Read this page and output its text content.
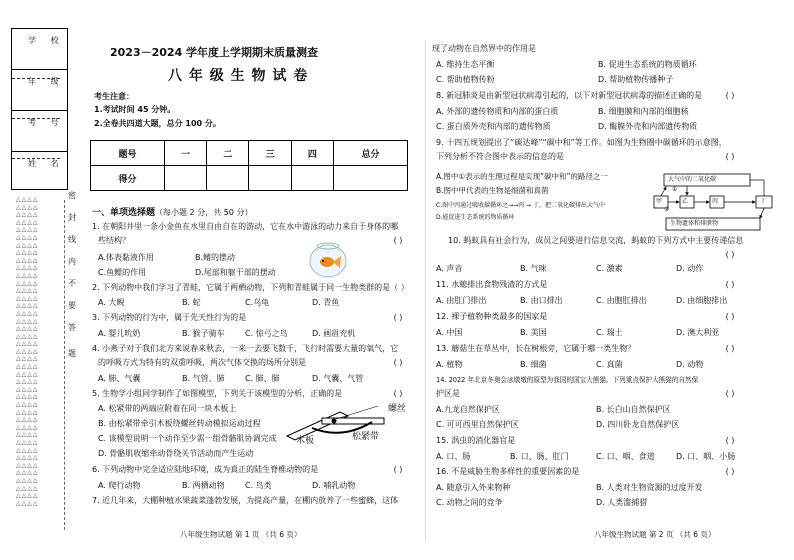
学 校
年 级
考 号
姓 名
△△△△
△△△△
△△△△
△△△△
△△△△
△△△△
△△△△
△△△△
△△△△
△△△△
△△△△
△△△△
△△△△
△△△△
△△△△
△△△△
△△△△
△△△△
△△△△
△△△△
△△△△
△△△△
△△△△
△△△△
△△△△
△△△△
△△△△
△△△△
△△△△
△△△△
△△△△
△△△△
△△△△
△△△△
△△△△
△△△△
△△△△
△△△△
△△△△
△△△△
△△△△
密
封
线
内
不
要
答
题
2023－2024 学年度上学期期末质量测查
八 年 级 生 物 试 卷
考生注意：
1.考试时间 45 分钟。
2.全卷共四道大题，总分 100 分。
题号	一	二	三	四	总分
得分					
一、单项选择题（每小题 2 分，共 50 分）
1. 在朝阳井里一条小金鱼在水里自由自在的游动，它在水中游泳的动力来自于身体的哪
些结构？	( )
A.体表黏液作用	B.鳍的摆动
C.鱼鳔的作用	D.尾部和躯干部的摆动
2. 下列动物中我们学习了青蛙，它属于两栖动物，下列和青蛙属于同一生物类群的是（ ）
A. 大鲵	B. 蛇	C.乌龟	D. 青鱼
3. 下列动物的行为中，属于先天性行为的是	( )
A. 婴儿吮奶	B. 猴子骑车	C. 惊弓之鸟	D. 画眉充机
4. 小燕子对于我们北方来说春来秋去，一来一去要飞数千，飞行时需要大量的氧气，它
的呼吸方式为特有的双重呼吸，两次气体交换的场所分别是	( )
A. 肺、气囊	B. 气管、肺	C. 肺、肺	D. 气囊、气管
5. 生物学小组同学制作了如图模型，下列关于该模型的分析，正确的是	( )
A. 松紧带的两端应附着在同一块木板上
B. 由松紧带牵引木板绕螺丝转动模拟运动过程
C. 该模型说明一个动作至少需一组骨骼肌协调完成
D. 骨骼肌收缩牵动骨绕关节活动而产生运动
螺丝
木板	松紧带
6. 下列动物中完全适应陆地环境，成为真正的陆生脊椎动物的是	( )
A. 爬行动物	B. 两栖动物	C. 鸟类	D. 哺乳动物
7. 近几年来，大棚种植水果蔬菜蓬勃发展，为提高产量，在棚内放养了一些蜜蜂，这体
八年级生物试题 第 1 页 （共 6 页）
现了动物在自然界中的作用是
A. 维持生态平衡	B. 促进生态系统的物质循环
C. 帮助植物传粉	D. 帮助植物传播种子
8. 新冠肺炎是由新型冠状病毒引起的，以下对新型冠状病毒的描述正确的是	( )
A. 外部的遗传物质和内部的蛋白质	B. 细胞膜和内部的细胞核
C. 蛋白质外壳和内部的遗传物质	D. 酶膜外壳和内部遗传物质
9. 十四五规划提出了“碳达峰”“碳中和”等工作。如图为生物圈中碳循环的示意图，
下列分析不符合图中表示的信息的是	( )
A.图中①表示的生理过程是实现“碳中和”的路径之一
B.图中甲代表的生物是细菌和真菌
C.图中丙通过吸收碳循环之→→丙 → 丁，把二氧化碳排出大气中
D.能促进生态系统的物质循环
大气中的二氧化碳
甲	乙	丙	丁
生物遗体和排泄物
①
②
10. 蚂蚁具有社会行为，成员之间要进行信息交流，蚂蚁的下列方式中主要传递信息
( )
A. 声音	B. 气味	C. 激素	D. 动作
11. 水螅排出食物残渣的方式是	( )
A. 由肛门排出	B. 由口排出	C. 由胞肛排出	D. 由细胞排出
12. 裸子植物种类最多的国家是	( )
A. 中国	B. 美国	C. 瑞士	D. 澳大利亚
13. 蘑菇生在草丛中，长在树根旁，它属于哪一类生物？	( )
A. 植物	B. 细菌	C. 真菌	D. 动物
14. 2022 年北京冬奥会冰墩墩的原型为我国的国宝大熊猫。下列重点保护大熊猫的自然保
护区是	( )
A.九龙自然保护区	B. 长白山自然保护区
C. 可可西里自然保护区	D. 四川卧龙自然保护区
15. 涡虫的消化器官是	( )
A. 口、肠	B. 口、肠、肛门	C. 口、咽、食道	D. 口、咽、小肠
16. 不是威胁生物多样性的重要因素的是	( )
A. 随意引入外来物种	B. 人类对生物资源的过度开发
C. 动物之间的竞争	D. 人类滥捕猎
八年级生物试题 第 2 页 （共 6 页）
